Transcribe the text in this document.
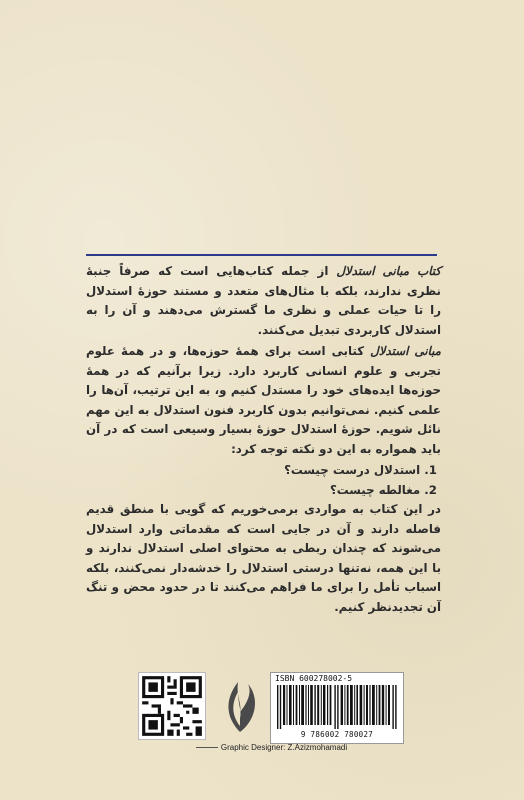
کتاب مبانی استدلال از جمله کتاب‌هایی است که صرفاً جنبهٔ نظری ندارند، بلکه با مثال‌های متعدد و مستند حوزهٔ استدلال را تا حیات عملی و نظری ما گسترش می‌دهند و آن را به استدلال کاربردی تبدیل می‌کنند.

مبانی استدلال کتابی است برای همهٔ حوزه‌ها، و در همهٔ علوم تجربی و علوم انسانی کاربرد دارد. زیرا برآنیم که در همهٔ حوزه‌ها ایده‌های خود را مستدل کنیم و، به این ترتیب، آن‌ها را علمی کنیم. نمی‌توانیم بدون کاربرد فنون استدلال به این مهم نائل شویم. حوزهٔ استدلال حوزهٔ بسیار وسیعی است که در آن باید همواره به این دو نکته توجه کرد:

1. استدلال درست چیست؟
2. مغالطه چیست؟

در این کتاب به مواردی برمی‌خوریم که گویی با منطق قدیم فاصله دارند و آن در جایی است که مقدماتی وارد استدلال می‌شوند که چندان ربطی به محتوای اصلی استدلال ندارند و با این همه، نه‌تنها درستی استدلال را خدشه‌دار نمی‌کنند، بلکه اسباب تأمل را برای ما فراهم می‌کنند تا در حدود محض و تنگ آن تجدیدنظر کنیم.

ISBN 600278002-5
9 786002 780027
Graphic Designer: Z.Azizmohamadi
